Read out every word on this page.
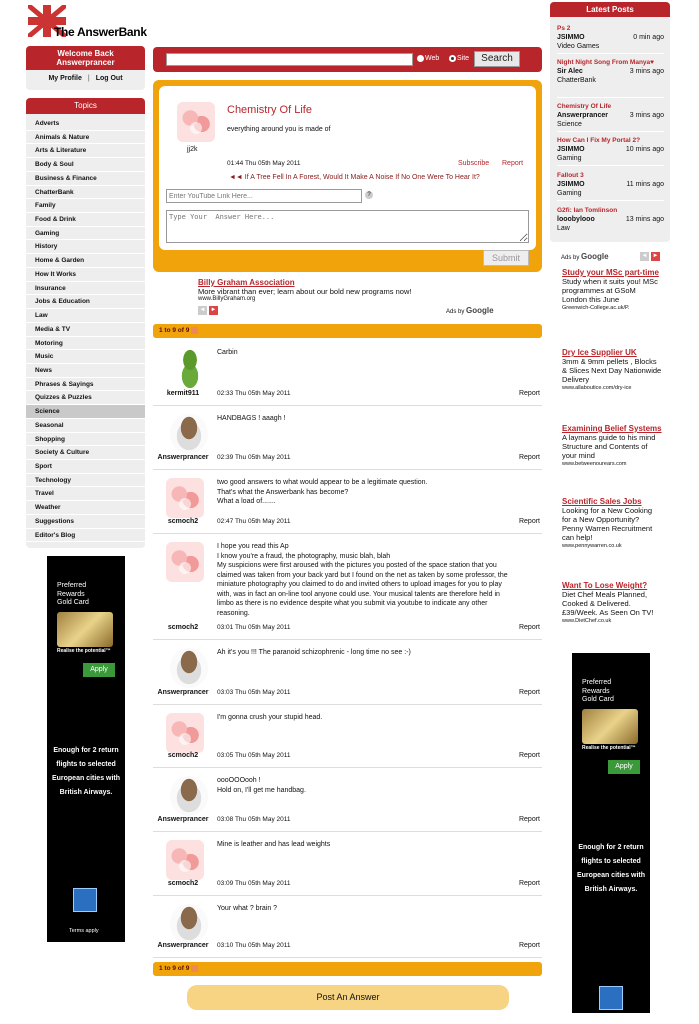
The AnswerBank
Welcome Back
Answerprancer
My Profile | Log Out
Topics
Adverts
Animals & Nature
Arts & Literature
Body & Soul
Business & Finance
ChatterBank
Family
Food & Drink
Gaming
History
Home & Garden
How It Works
Insurance
Jobs & Education
Law
Media & TV
Motoring
Music
News
Phrases & Sayings
Quizzes & Puzzles
Science
Seasonal
Shopping
Society & Culture
Sport
Technology
Travel
Weather
Suggestions
Editor's Blog
Preferred
Rewards
Gold Card
Realise the potential™
Apply
Enough for 2 return flights to selected European cities with British Airways.
Terms apply
Web	Site	Search
jj2k
Chemistry Of Life
everything around you is made of
01:44 Thu 05th May 2011	Subscribe Report
◄◄ If A Tree Fell In A Forest, Would It Make A Noise If No One Were To Hear It?
Enter YouTube Link Here...
?
Type Your Answer Here...
Submit
Billy Graham Association
More vibrant than ever; learn about our bold new programs now!
www.BillyGraham.org
◄ ►	Ads by Google
1 to 9 of 9
kermit911
Carbin
02:33 Thu 05th May 2011	Report
Answerprancer
HANDBAGS ! aaagh !
02:39 Thu 05th May 2011	Report
scmoch2
two good answers to what would appear to be a legitimate question.
That's what the Answerbank has become?
What a load of.......
02:47 Thu 05th May 2011	Report
scmoch2
I hope you read this Ap
I know you're a fraud, the photography, music blah, blah
My suspicions were first aroused with the pictures you posted of the space station that you claimed was taken from your back yard but I found on the net as taken by some professor, the miniature photography you claimed to do and invited others to upload images for you to play with, was in fact an on-line tool anyone could use. Your musical talents are therefore held in limbo as there is no evidence despite what you submit via youtube to indicate any other reasoning.
03:01 Thu 05th May 2011	Report
Answerprancer
Ah it's you !!! The paranoid schizophrenic - long time no see :-)
03:03 Thu 05th May 2011	Report
scmoch2
I'm gonna crush your stupid head.
03:05 Thu 05th May 2011	Report
Answerprancer
oooOOOooh !
Hold on, I'll get me handbag.
03:08 Thu 05th May 2011	Report
scmoch2
Mine is leather and has lead weights
03:09 Thu 05th May 2011	Report
Answerprancer
Your what ? brain ?
03:10 Thu 05th May 2011	Report
1 to 9 of 9
Post An Answer
Latest Posts
Ps 2
JSIMMO	0 min ago
Video Games
Night Night Song From Manya♥
Sir Alec	3 mins ago
ChatterBank
Chemistry Of Life
Answerprancer	3 mins ago
Science
How Can I Fix My Portal 2?
JSIMMO	10 mins ago
Gaming
Fallout 3
JSIMMO	11 mins ago
Gaming
G2fi: Ian Tomlinson
looobylooo	13 mins ago
Law
Ads by Google	◄ ►
Study your MSc part-time
Study when it suits you! MSc programmes at GSoM London this June
Greenwich-College.ac.uk/P.
Dry Ice Supplier UK
3mm & 9mm pellets , Blocks & Slices Next Day Nationwide Delivery
www.allaboutice.com/dry-ice
Examining Belief Systems
A laymans guide to his mind Structure and Contents of your mind
www.betweenourears.com
Scientific Sales Jobs
Looking for a New Cooking for a New Opportunity? Penny Warren Recruitment can help!
www.pennywarren.co.uk
Want To Lose Weight?
Diet Chef Meals Planned, Cooked & Delivered. £39/Week. As Seen On TV!
www.DietChef.co.uk
Preferred
Rewards
Gold Card
Realise the potential™
Apply
Enough for 2 return flights to selected European cities with British Airways.
